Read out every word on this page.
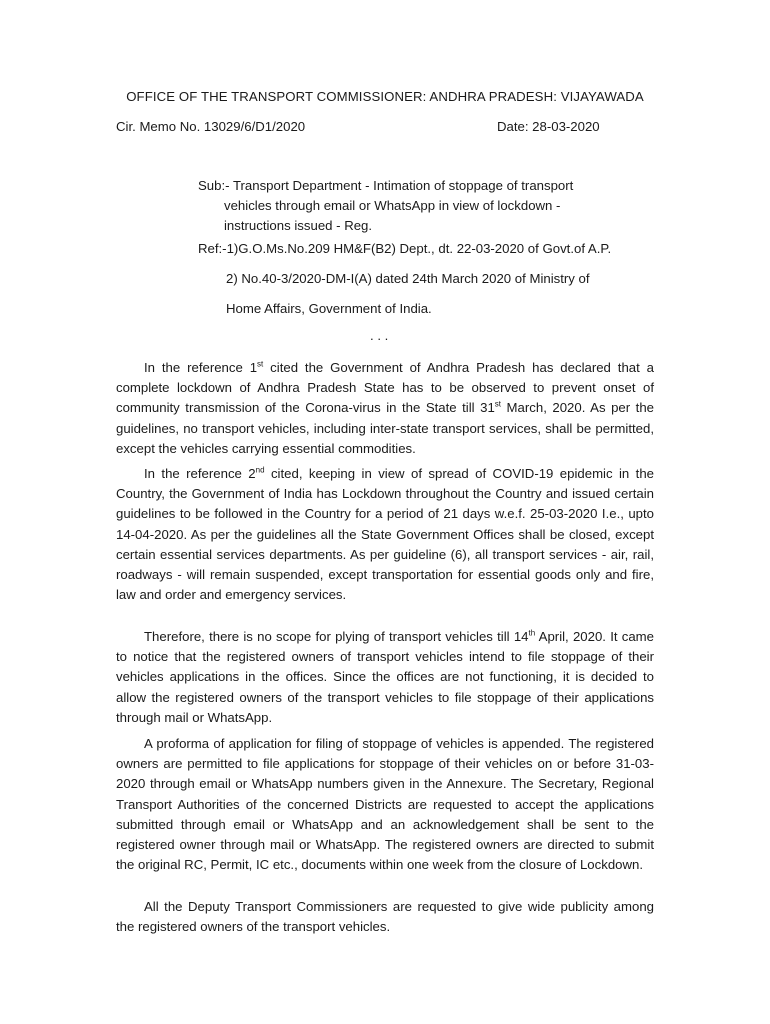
OFFICE OF THE TRANSPORT COMMISSIONER: ANDHRA PRADESH: VIJAYAWADA
Cir. Memo No. 13029/6/D1/2020	Date: 28-03-2020
Sub:- Transport Department - Intimation of stoppage of transport
vehicles through email or WhatsApp in view of lockdown -
instructions issued - Reg.
Ref:-1)G.O.Ms.No.209 HM&F(B2) Dept., dt. 22-03-2020 of Govt.of A.P.
2) No.40-3/2020-DM-I(A) dated 24th March 2020 of Ministry of
Home Affairs, Government of India.
. . .
In the reference 1st cited the Government of Andhra Pradesh has declared that a complete lockdown of Andhra Pradesh State has to be observed to prevent onset of community transmission of the Corona-virus in the State till 31st March, 2020. As per the guidelines, no transport vehicles, including inter-state transport services, shall be permitted, except the vehicles carrying essential commodities.
In the reference 2nd cited, keeping in view of spread of COVID-19 epidemic in the Country, the Government of India has Lockdown throughout the Country and issued certain guidelines to be followed in the Country for a period of 21 days w.e.f. 25-03-2020 I.e., upto 14-04-2020. As per the guidelines all the State Government Offices shall be closed, except certain essential services departments. As per guideline (6), all transport services - air, rail, roadways - will remain suspended, except transportation for essential goods only and fire, law and order and emergency services.
Therefore, there is no scope for plying of transport vehicles till 14th April, 2020. It came to notice that the registered owners of transport vehicles intend to file stoppage of their vehicles applications in the offices. Since the offices are not functioning, it is decided to allow the registered owners of the transport vehicles to file stoppage of their applications through mail or WhatsApp.
A proforma of application for filing of stoppage of vehicles is appended. The registered owners are permitted to file applications for stoppage of their vehicles on or before 31-03-2020 through email or WhatsApp numbers given in the Annexure. The Secretary, Regional Transport Authorities of the concerned Districts are requested to accept the applications submitted through email or WhatsApp and an acknowledgement shall be sent to the registered owner through mail or WhatsApp. The registered owners are directed to submit the original RC, Permit, IC etc., documents within one week from the closure of Lockdown.
All the Deputy Transport Commissioners are requested to give wide publicity among the registered owners of the transport vehicles.
